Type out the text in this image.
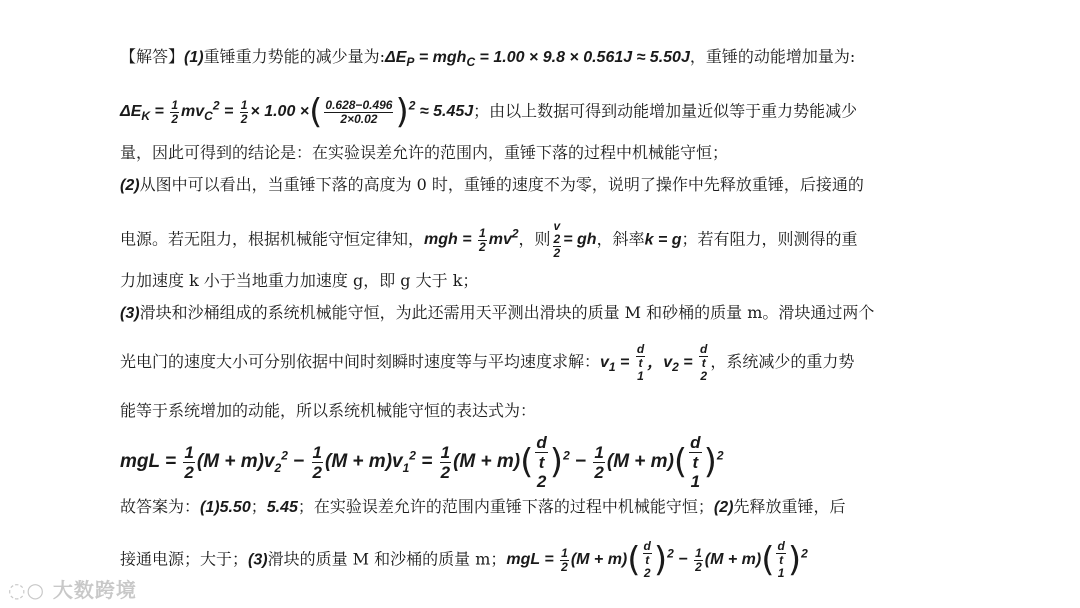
【解答】(1)重锤重力势能的减少量为$:\Delta E_P = mgh_C = 1.00 \times 9.8 \times 0.561J \approx 5.50J$，重锤的动能增加量为:
$\Delta E_K = \frac{1}{2} mv_C^2 = \frac{1}{2} \times 1.00$ ×( $\frac{0.628-0.496}{2\times 0.02} )^2 \approx 5.45J$；由以上数据可得到动能增加量近似等于重力势能减少
量，因此可得到的结论是：在实验误差允许的范围内，重锤下落的过程中机械能守恒；
(2)从图中可以看出，当重锤下落的高度为 0 时，重锤的速度不为零，说明了操作中先释放重锤，后接通的
电源。若无阻力，根据机械能守恒定律知，mgh = $\frac{1}{2} mv^2$，则 v
2
2 = gh，斜率k = g；若有阻力，则测得的重
力加速度 k 小于当地重力加速度 g，即 g 大于 k；
(3)滑块和沙桶组成的系统机械能守恒，为此还需用天平测出滑块的质量 M 和砂桶的质量 m。滑块通过两个
光电门的速度大小可分别依据中间时刻瞬时速度等与平均速度求解：$v_1 = d$
t
1 ，$v_2 = d$
t
2 ，系统减少的重力势
能等于系统增加的动能，所以系统机械能守恒的表达式为：
mgL = $\frac{1}{2} (M + m)v_2^2 - \frac{1}{2} (M + m)v_1^2 = \frac{1}{2} (M + m)$( d
t
2 )$^2 - \frac{1}{2} (M + m)$( d
t
1 )$^2$
故答案为：(1)5.50；5.45；在实验误差允许的范围内重锤下落的过程中机械能守恒；(2)先释放重锤，后
接通电源；大于；(3)滑块的质量 M 和沙桶的质量 m；mgL = $\frac{1}{2} (M + m)$( d
t
2 )$^2 - \frac{1}{2} (M + m)$( d
t
1 )$^2$
◌○ 大数跨境
